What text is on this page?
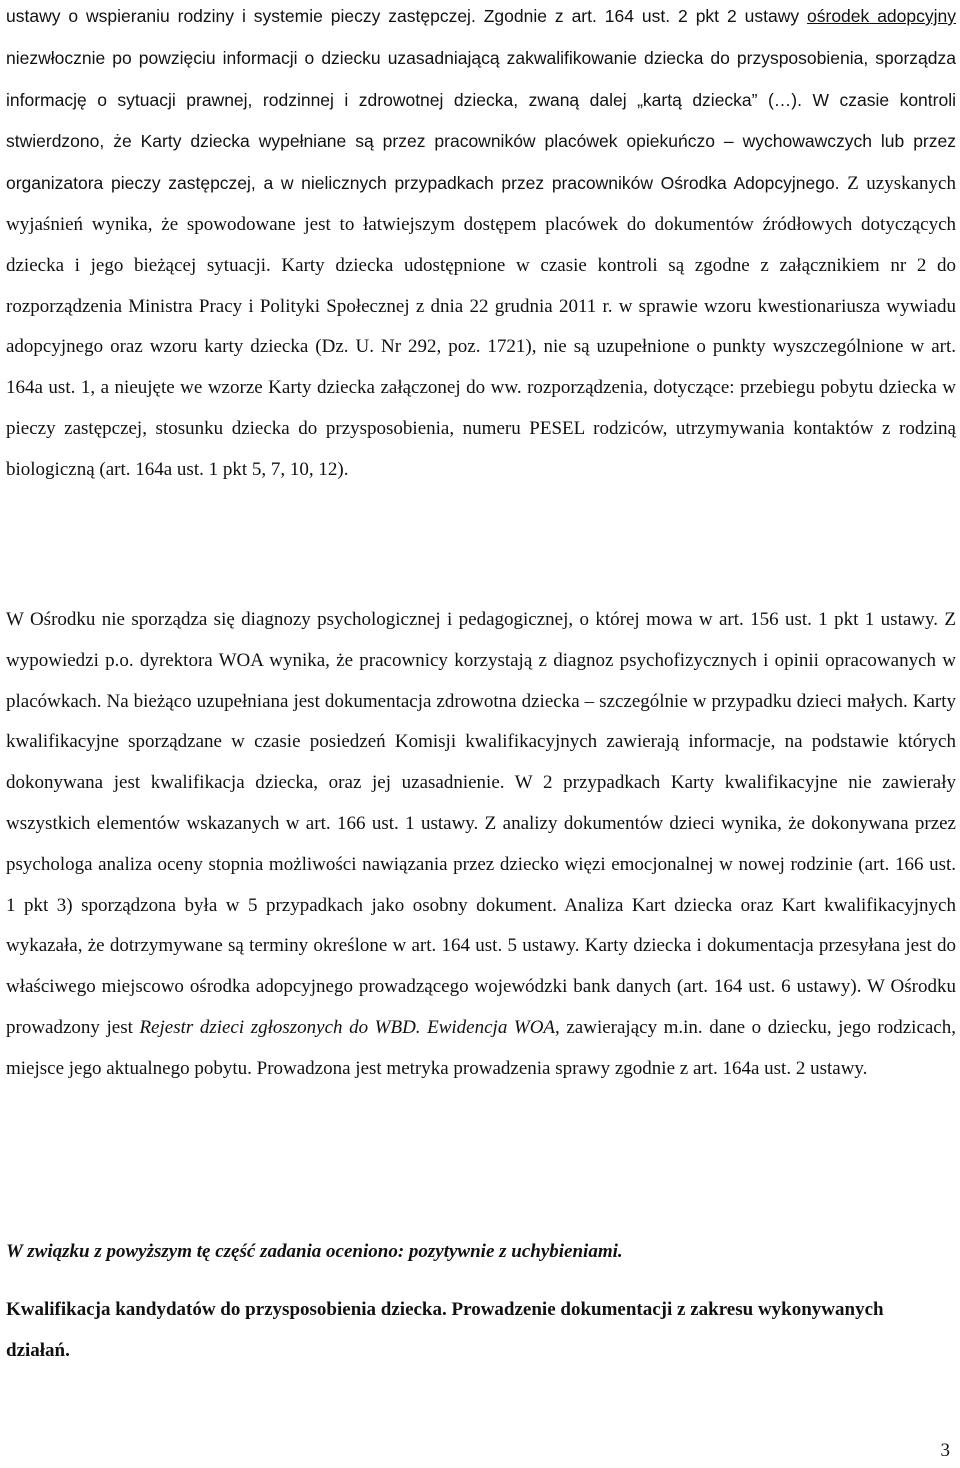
ustawy o wspieraniu rodziny i systemie pieczy zastępczej. Zgodnie z art. 164 ust. 2 pkt 2 ustawy ośrodek adopcyjny niezwłocznie po powzięciu informacji o dziecku uzasadniającą zakwalifikowanie dziecka do przysposobienia, sporządza informację o sytuacji prawnej, rodzinnej i zdrowotnej dziecka, zwaną dalej „kartą dziecka” (…). W czasie kontroli stwierdzono, że Karty dziecka wypełniane są przez pracowników placówek opiekuńczo – wychowawczych lub przez organizatora pieczy zastępczej, a w nielicznych przypadkach przez pracowników Ośrodka Adopcyjnego. Z uzyskanych wyjaśnień wynika, że spowodowane jest to łatwiejszym dostępem placówek do dokumentów źródłowych dotyczących dziecka i jego bieżącej sytuacji. Karty dziecka udostępnione w czasie kontroli są zgodne z załącznikiem nr 2 do rozporządzenia Ministra Pracy i Polityki Społecznej z dnia 22 grudnia 2011 r. w sprawie wzoru kwestionariusza wywiadu adopcyjnego oraz wzoru karty dziecka (Dz. U. Nr 292, poz. 1721), nie są uzupełnione o punkty wyszczególnione w art. 164a ust. 1, a nieujęte we wzorze Karty dziecka załączonej do ww. rozporządzenia, dotyczące: przebiegu pobytu dziecka w pieczy zastępczej, stosunku dziecka do przysposobienia, numeru PESEL rodziców, utrzymywania kontaktów z rodziną biologiczną (art. 164a ust. 1 pkt 5, 7, 10, 12).

W Ośrodku nie sporządza się diagnozy psychologicznej i pedagogicznej, o której mowa w art. 156 ust. 1 pkt 1 ustawy. Z wypowiedzi p.o. dyrektora WOA wynika, że pracownicy korzystają z diagnoz psychofizycznych i opinii opracowanych w placówkach. Na bieżąco uzupełniana jest dokumentacja zdrowotna dziecka – szczególnie w przypadku dzieci małych. Karty kwalifikacyjne sporządzane w czasie posiedzeń Komisji kwalifikacyjnych zawierają informacje, na podstawie których dokonywana jest kwalifikacja dziecka, oraz jej uzasadnienie. W 2 przypadkach Karty kwalifikacyjne nie zawierały wszystkich elementów wskazanych w art. 166 ust. 1 ustawy. Z analizy dokumentów dzieci wynika, że dokonywana przez psychologa analiza oceny stopnia możliwości nawiązania przez dziecko więzi emocjonalnej w nowej rodzinie (art. 166 ust. 1 pkt 3) sporządzona była w 5 przypadkach jako osobny dokument. Analiza Kart dziecka oraz Kart kwalifikacyjnych wykazała, że dotrzymywane są terminy określone w art. 164 ust. 5 ustawy. Karty dziecka i dokumentacja przesyłana jest do właściwego miejscowo ośrodka adopcyjnego prowadzącego wojewódzki bank danych (art. 164 ust. 6 ustawy). W Ośrodku prowadzony jest Rejestr dzieci zgłoszonych do WBD. Ewidencja WOA, zawierający m.in. dane o dziecku, jego rodzicach, miejsce jego aktualnego pobytu. Prowadzona jest metryka prowadzenia sprawy zgodnie z art. 164a ust. 2 ustawy.

W związku z powyższym tę część zadania oceniono: pozytywnie z uchybieniami.

Kwalifikacja kandydatów do przysposobienia dziecka. Prowadzenie dokumentacji z zakresu wykonywanych działań.

3
